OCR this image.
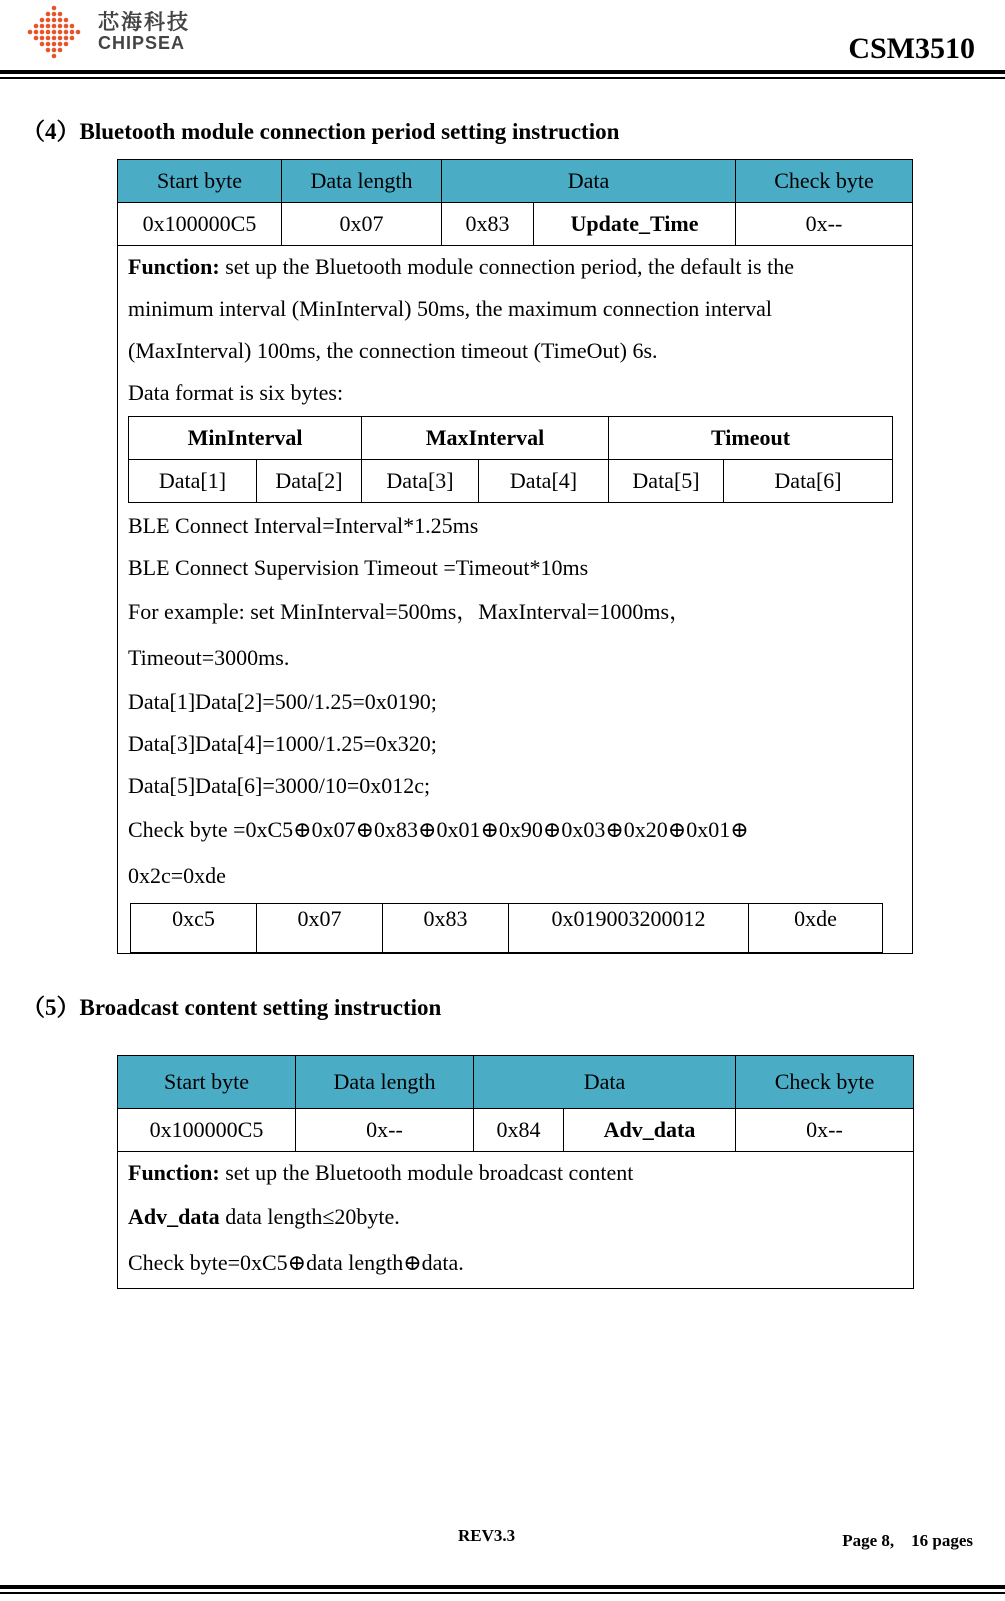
芯海科技
CHIPSEA	CSM3510
（4）Bluetooth module connection period setting instruction
Start byte	Data length	Data	Check byte
0x100000C5	0x07	0x83	Update_Time	0x--

Function: set up the Bluetooth module connection period, the default is the
minimum interval (MinInterval) 50ms, the maximum connection interval
(MaxInterval) 100ms, the connection timeout (TimeOut) 6s.
Data format is six bytes:
MinInterval	MaxInterval	Timeout
Data[1]	Data[2]	Data[3]	Data[4]	Data[5]	Data[6]
BLE Connect Interval=Interval*1.25ms
BLE Connect Supervision Timeout =Timeout*10ms
For example: set MinInterval=500ms，MaxInterval=1000ms，
Timeout=3000ms.
Data[1]Data[2]=500/1.25=0x0190;
Data[3]Data[4]=1000/1.25=0x320;
Data[5]Data[6]=3000/10=0x012c;
Check byte =0xC5⊕0x07⊕0x83⊕0x01⊕0x90⊕0x03⊕0x20⊕0x01⊕
0x2c=0xde
0xc5	0x07	0x83	0x019003200012	0xde
（5）Broadcast content setting instruction
Start byte	Data length	Data		Check byte
0x100000C5	0x--	0x84	Adv_data	0x--

Function: set up the Bluetooth module broadcast content
Adv_data data length≤20byte.
Check byte=0xC5⊕data length⊕data.				
REV3.3	Page 8,　16 pages
